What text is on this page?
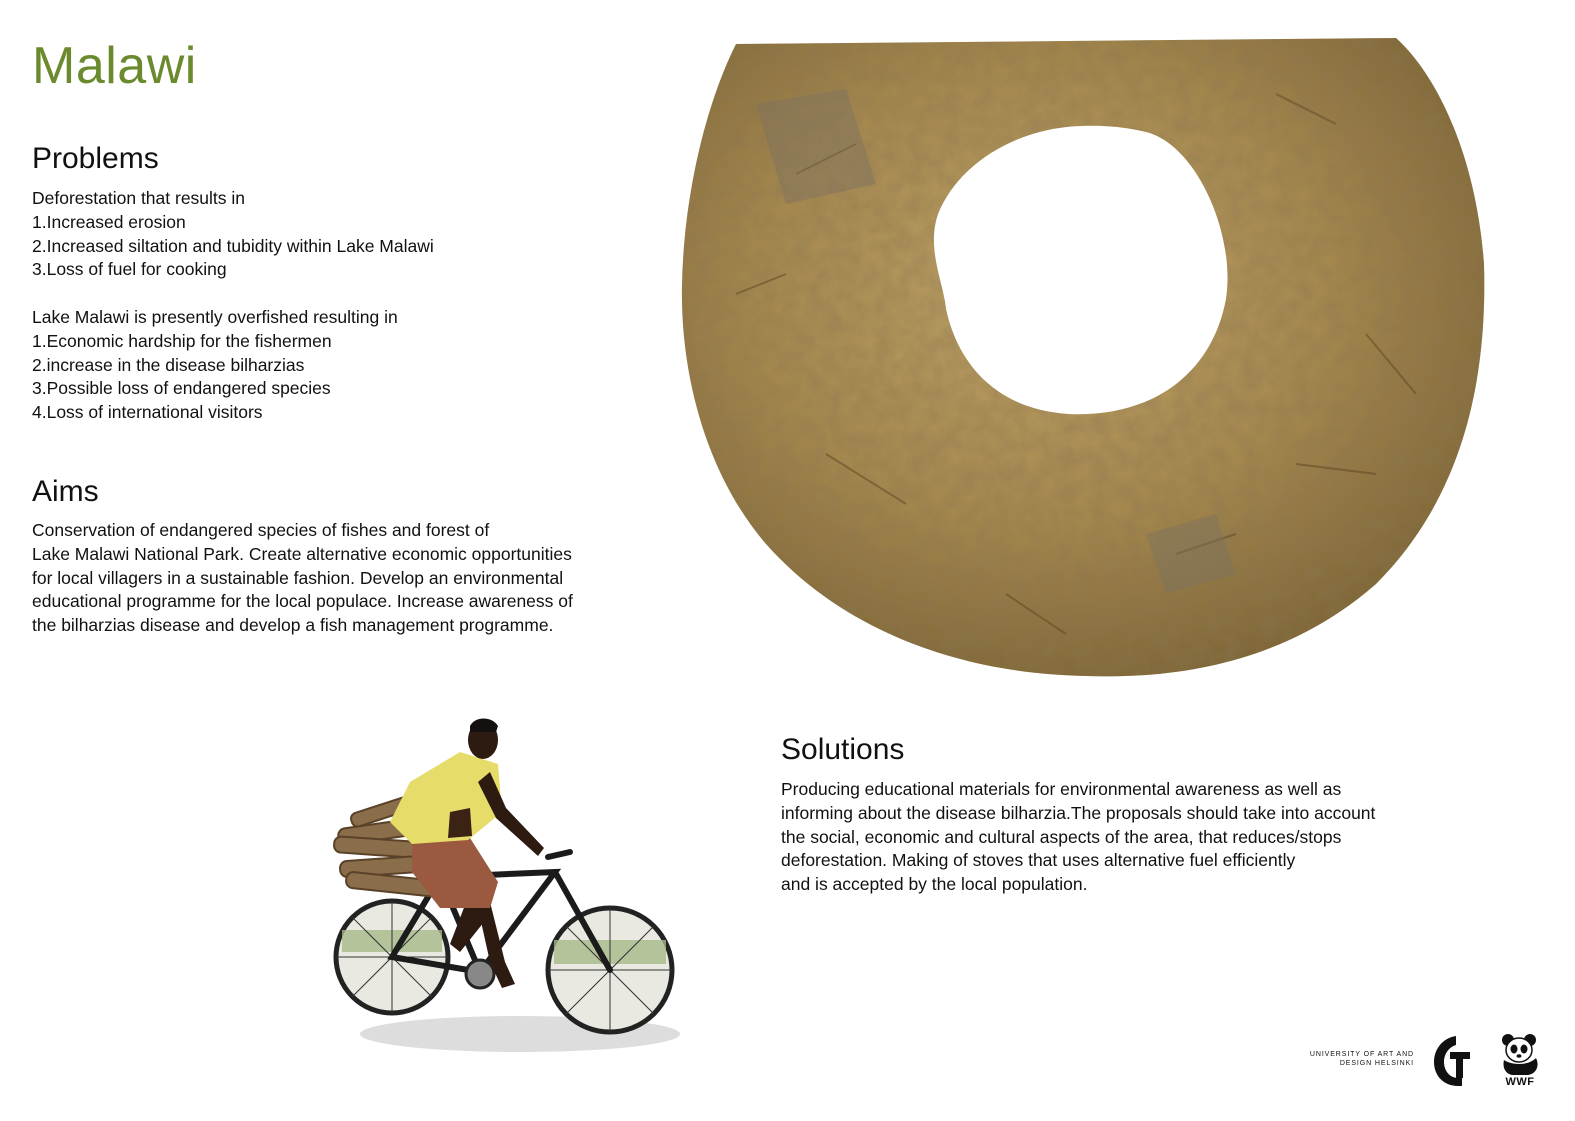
Malawi
Problems
Deforestation that results in
1.Increased erosion
2.Increased siltation and tubidity within Lake Malawi
3.Loss of fuel for cooking
Lake Malawi is presently overfished resulting in
1.Economic hardship for the fishermen
2.increase in the disease bilharzias
3.Possible loss of endangered species
4.Loss of international visitors
Aims
Conservation of endangered species of fishes and forest of
Lake Malawi National Park. Create alternative economic opportunities
for local villagers in a sustainable fashion. Develop an environmental
educational programme for the local populace. Increase awareness of
the bilharzias disease and develop a fish management programme.
Solutions
Producing educational materials for environmental awareness as well as
informing about the disease bilharzia.The proposals should take into account
the social, economic and cultural aspects of the area, that reduces/stops
deforestation. Making of stoves that uses alternative fuel efficiently
and is accepted by the local population.
UNIVERSITY OF ART AND
DESIGN HELSINKI
WWF
